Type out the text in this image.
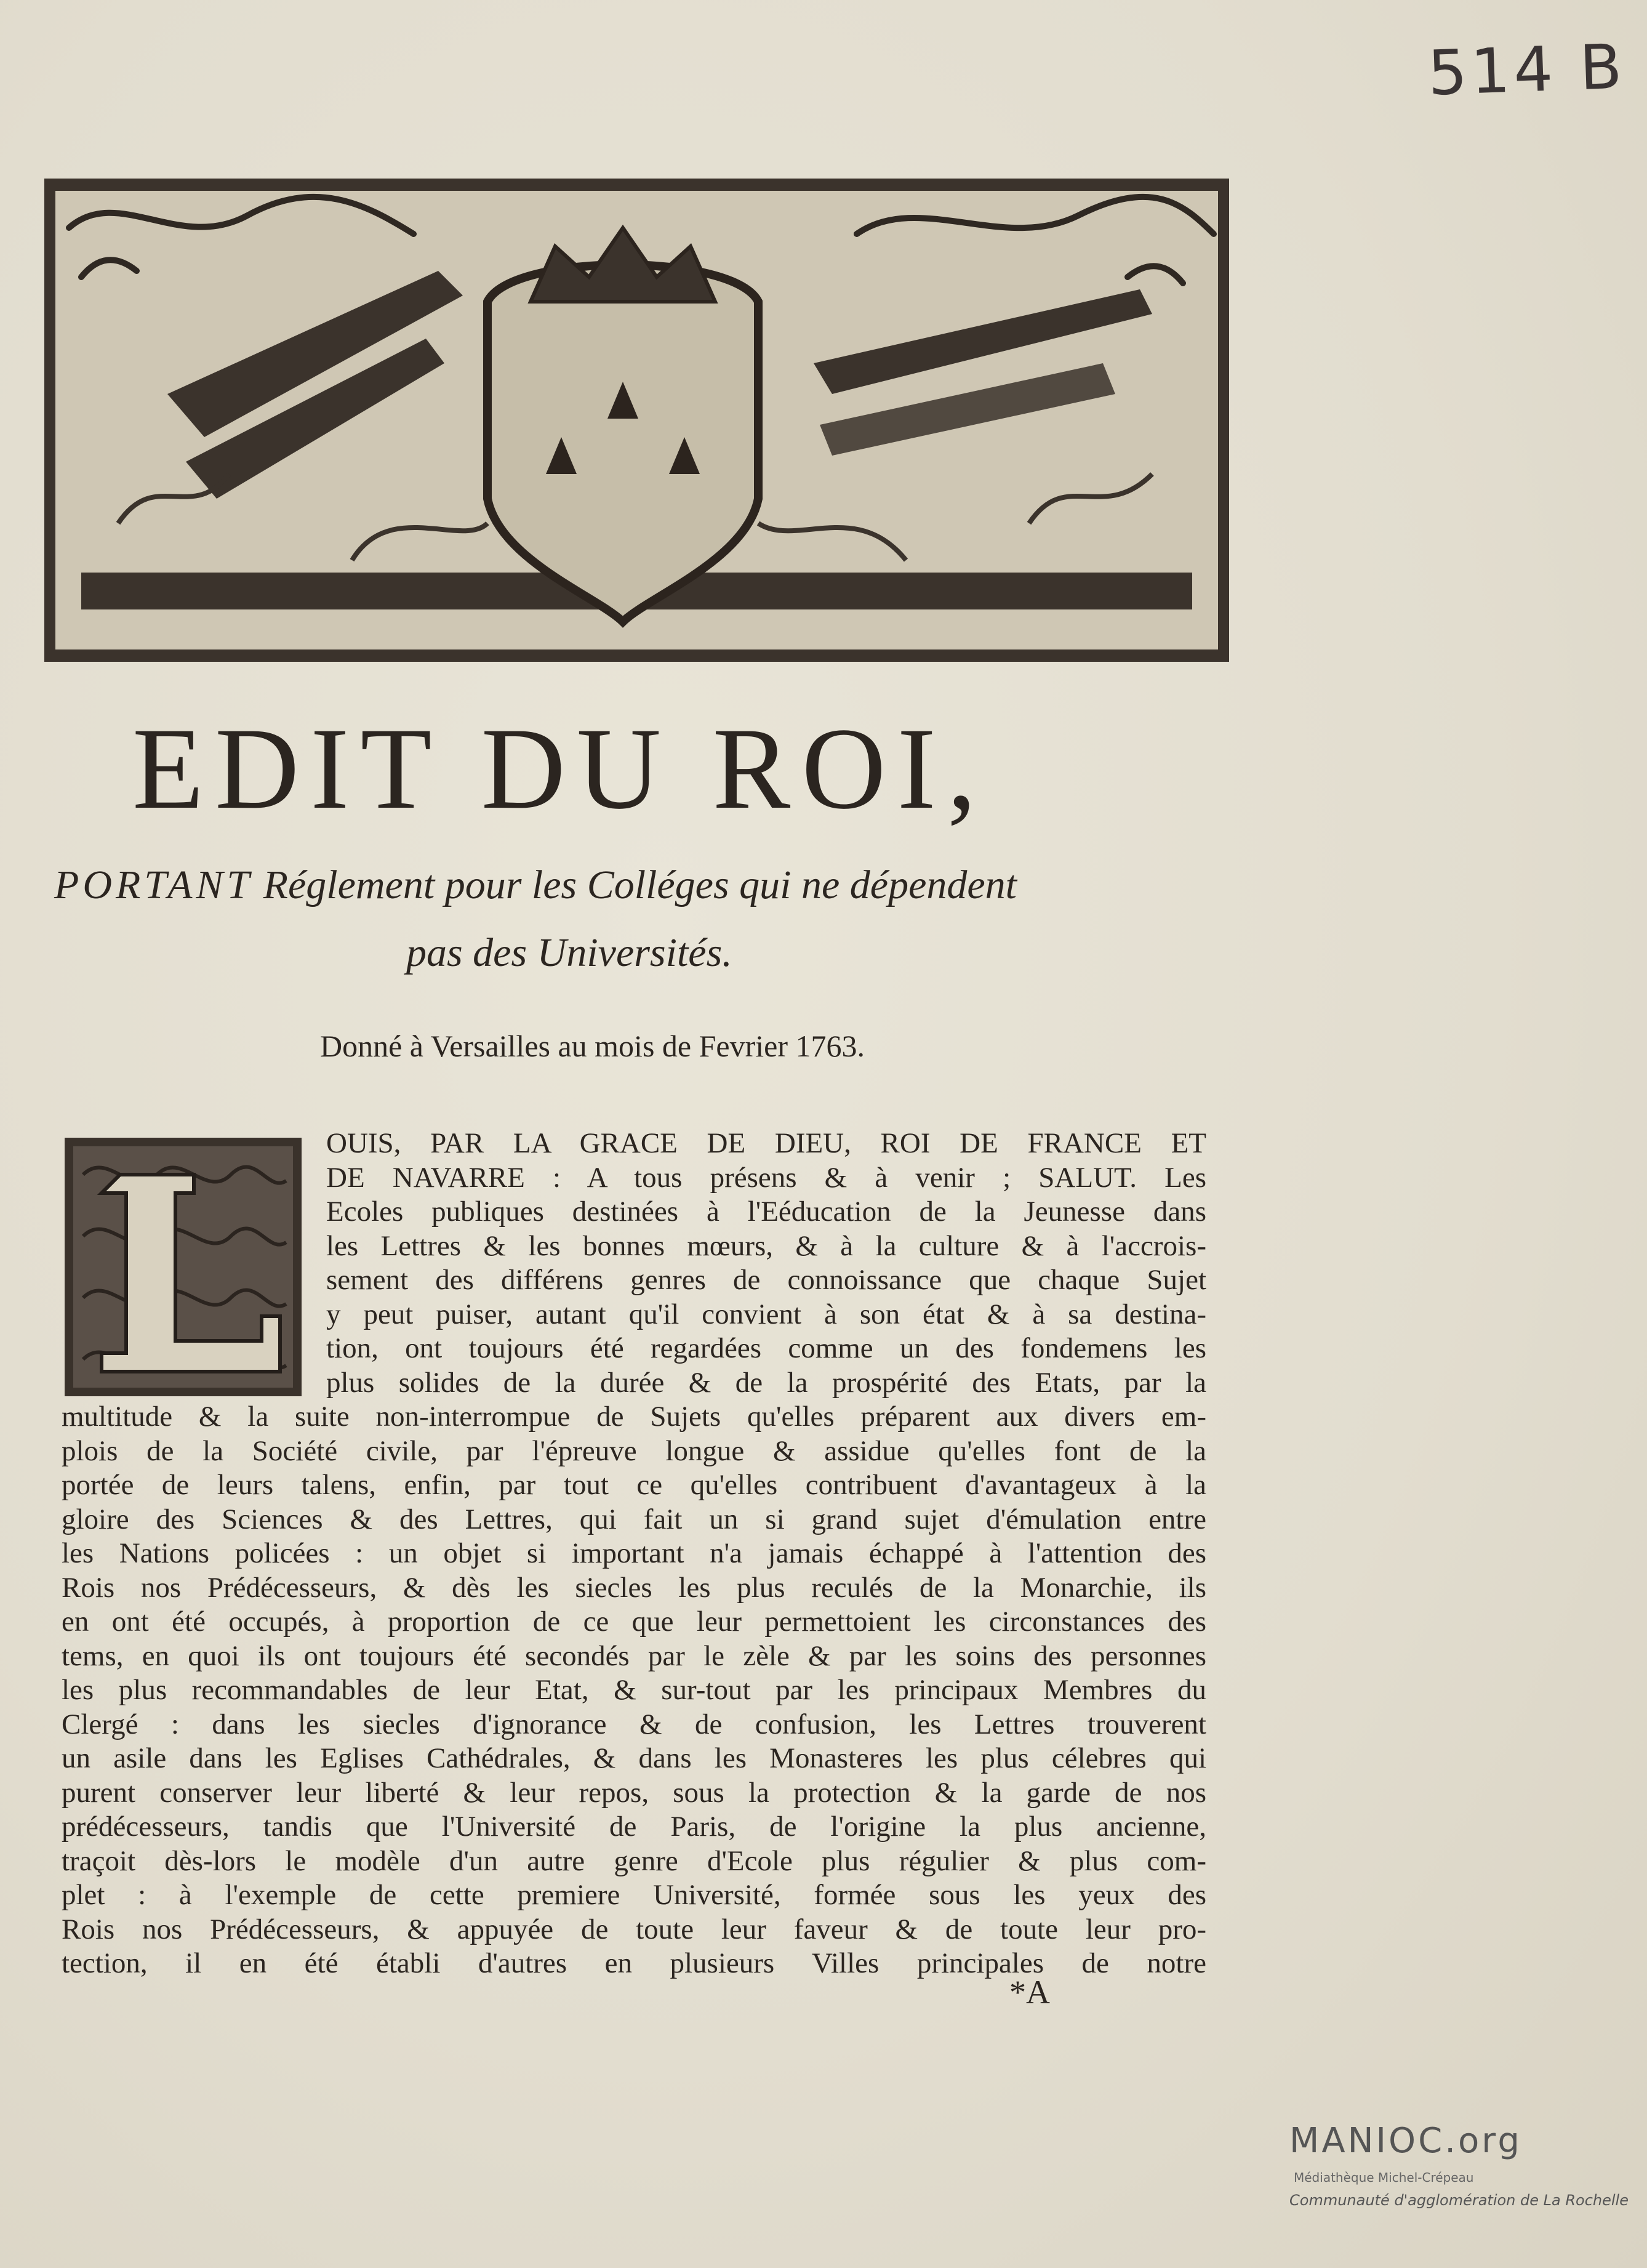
514 B
EDIT DU ROI,
PORTANT Réglement pour les Colléges qui ne dépendent
pas des Universités.
Donné à Versailles au mois de Fevrier 1763.
OUIS, PAR LA GRACE DE DIEU, ROI DE FRANCE ET
DE NAVARRE : A tous présens & à venir ; SALUT. Les
Ecoles publiques destinées à l'Eéducation de la Jeunesse dans
les Lettres & les bonnes mœurs, & à la culture & à l'accrois-
sement des différens genres de connoissance que chaque Sujet
y peut puiser, autant qu'il convient à son état & à sa destina-
tion, ont toujours été regardées comme un des fondemens les
plus solides de la durée & de la prospérité des Etats, par la
multitude & la suite non-interrompue de Sujets qu'elles préparent aux divers em-
plois de la Société civile, par l'épreuve longue & assidue qu'elles font de la
portée de leurs talens, enfin, par tout ce qu'elles contribuent d'avantageux à la
gloire des Sciences & des Lettres, qui fait un si grand sujet d'émulation entre
les Nations policées : un objet si important n'a jamais échappé à l'attention des
Rois nos Prédécesseurs, & dès les siecles les plus reculés de la Monarchie, ils
en ont été occupés, à proportion de ce que leur permettoient les circonstances des
tems, en quoi ils ont toujours été secondés par le zèle & par les soins des personnes
les plus recommandables de leur Etat, & sur-tout par les principaux Membres du
Clergé : dans les siecles d'ignorance & de confusion, les Lettres trouverent
un asile dans les Eglises Cathédrales, & dans les Monasteres les plus célebres qui
purent conserver leur liberté & leur repos, sous la protection & la garde de nos
prédécesseurs, tandis que l'Université de Paris, de l'origine la plus ancienne,
traçoit dès-lors le modèle d'un autre genre d'Ecole plus régulier & plus com-
plet : à l'exemple de cette premiere Université, formée sous les yeux des
Rois nos Prédécesseurs, & appuyée de toute leur faveur & de toute leur pro-
tection, il en été établi d'autres en plusieurs Villes principales de notre
*A
MANIOC.org
Médiathèque Michel-Crépeau
Communauté d'agglomération de La Rochelle
